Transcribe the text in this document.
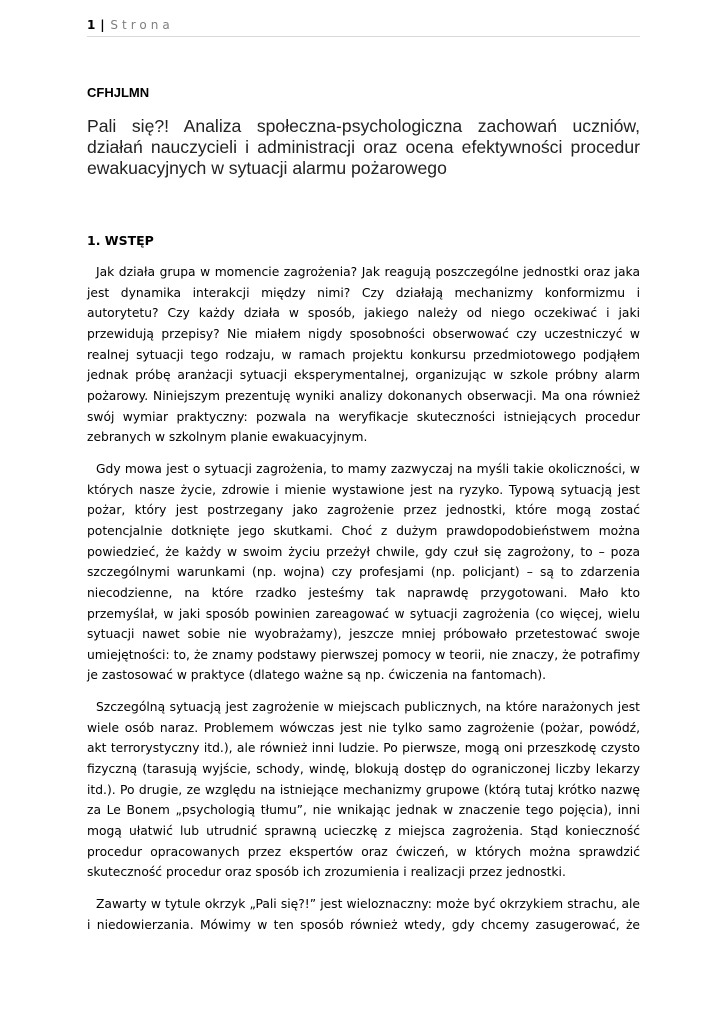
1 | Strona
CFHJLMN
Pali się?! Analiza społeczna-psychologiczna zachowań uczniów, działań nauczycieli i administracji oraz ocena efektywności procedur ewakuacyjnych w sytuacji alarmu pożarowego
1. WSTĘP

Jak działa grupa w momencie zagrożenia? Jak reagują poszczególne jednostki oraz jaka jest dynamika interakcji między nimi? Czy działają mechanizmy konformizmu i autorytetu? Czy każdy działa w sposób, jakiego należy od niego oczekiwać i jaki przewidują przepisy? Nie miałem nigdy sposobności obserwować czy uczestniczyć w realnej sytuacji tego rodzaju, w ramach projektu konkursu przedmiotowego podjąłem jednak próbę aranżacji sytuacji eksperymentalnej, organizując w szkole próbny alarm pożarowy. Niniejszym prezentuję wyniki analizy dokonanych obserwacji. Ma ona również swój wymiar praktyczny: pozwala na weryfikacje skuteczności istniejących procedur zebranych w szkolnym planie ewakuacyjnym.

Gdy mowa jest o sytuacji zagrożenia, to mamy zazwyczaj na myśli takie okoliczności, w których nasze życie, zdrowie i mienie wystawione jest na ryzyko. Typową sytuacją jest pożar, który jest postrzegany jako zagrożenie przez jednostki, które mogą zostać potencjalnie dotknięte jego skutkami. Choć z dużym prawdopodobieństwem można powiedzieć, że każdy w swoim życiu przeżył chwile, gdy czuł się zagrożony, to – poza szczególnymi warunkami (np. wojna) czy profesjami (np. policjant) – są to zdarzenia niecodzienne, na które rzadko jesteśmy tak naprawdę przygotowani. Mało kto przemyślał, w jaki sposób powinien zareagować w sytuacji zagrożenia (co więcej, wielu sytuacji nawet sobie nie wyobrażamy), jeszcze mniej próbowało przetestować swoje umiejętności: to, że znamy podstawy pierwszej pomocy w teorii, nie znaczy, że potrafimy je zastosować w praktyce (dlatego ważne są np. ćwiczenia na fantomach).

Szczególną sytuacją jest zagrożenie w miejscach publicznych, na które narażonych jest wiele osób naraz. Problemem wówczas jest nie tylko samo zagrożenie (pożar, powódź, akt terrorystyczny itd.), ale również inni ludzie. Po pierwsze, mogą oni przeszkodę czysto fizyczną (tarasują wyjście, schody, windę, blokują dostęp do ograniczonej liczby lekarzy itd.). Po drugie, ze względu na istniejące mechanizmy grupowe (którą tutaj krótko nazwę za Le Bonem „psychologią tłumu”, nie wnikając jednak w znaczenie tego pojęcia), inni mogą ułatwić lub utrudnić sprawną ucieczkę z miejsca zagrożenia. Stąd konieczność procedur opracowanych przez ekspertów oraz ćwiczeń, w których można sprawdzić skuteczność procedur oraz sposób ich zrozumienia i realizacji przez jednostki.

Zawarty w tytule okrzyk „Pali się?!” jest wieloznaczny: może być okrzykiem strachu, ale i niedowierzania. Mówimy w ten sposób również wtedy, gdy chcemy zasugerować, że
